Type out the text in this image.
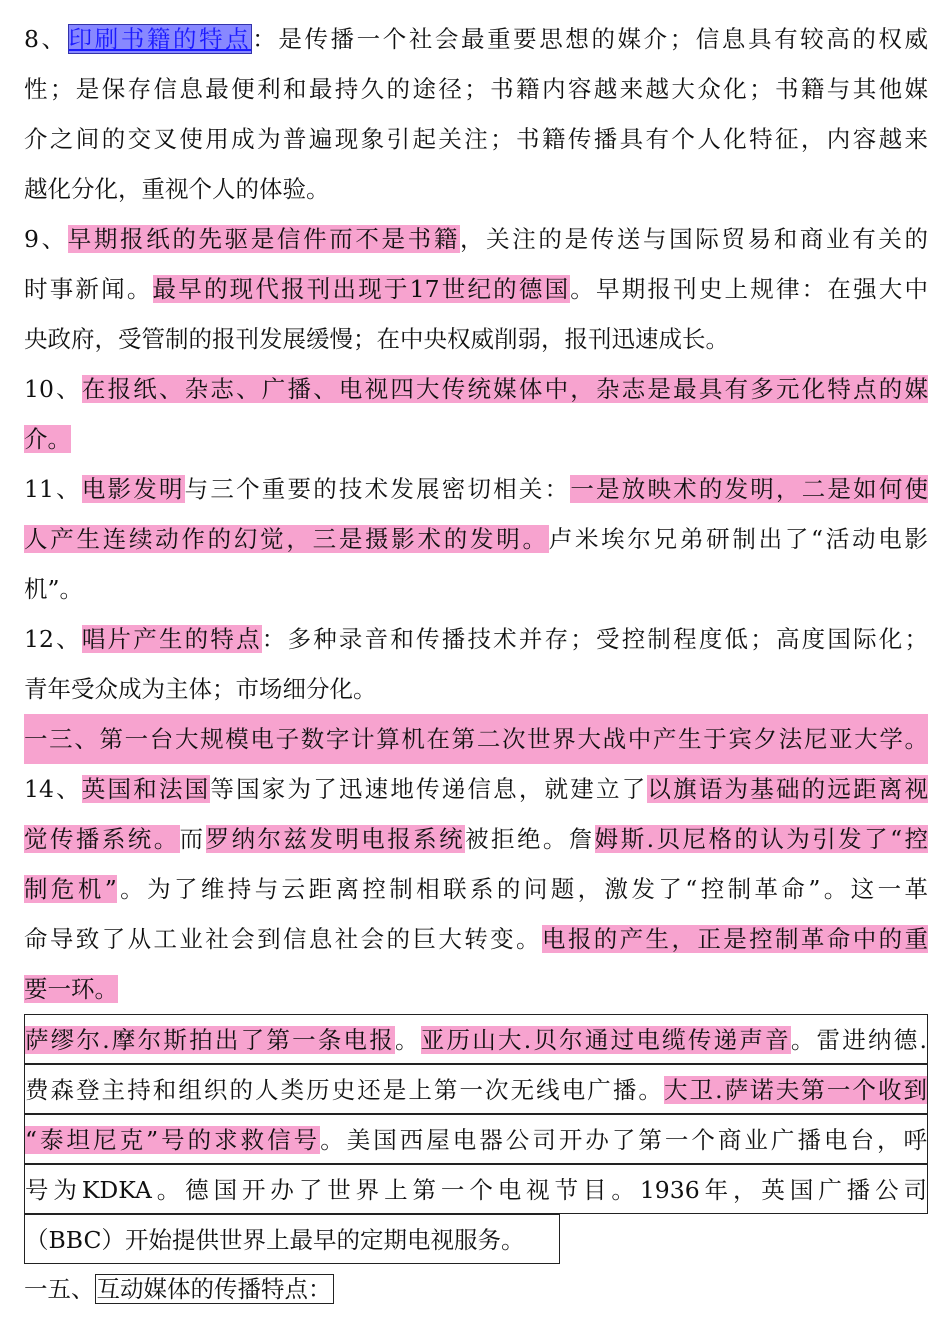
8、印刷书籍的特点：是传播一个社会最重要思想的媒介；信息具有较高的权威
性；是保存信息最便利和最持久的途径；书籍内容越来越大众化；书籍与其他媒
介之间的交叉使用成为普遍现象引起关注；书籍传播具有个人化特征，内容越来
越化分化，重视个人的体验。
9、早期报纸的先驱是信件而不是书籍，关注的是传送与国际贸易和商业有关的
时事新闻。最早的现代报刊出现于17世纪的德国。早期报刊史上规律：在强大中
央政府，受管制的报刊发展缓慢；在中央权威削弱，报刊迅速成长。
10、在报纸、杂志、广播、电视四大传统媒体中，杂志是最具有多元化特点的媒
介。
11、电影发明与三个重要的技术发展密切相关：一是放映术的发明，二是如何使
人产生连续动作的幻觉，三是摄影术的发明。卢米埃尔兄弟研制出了“活动电影
机”。
12、唱片产生的特点：多种录音和传播技术并存；受控制程度低；高度国际化；
青年受众成为主体；市场细分化。
一三、第一台大规模电子数字计算机在第二次世界大战中产生于宾夕法尼亚大学。
14、英国和法国等国家为了迅速地传递信息，就建立了以旗语为基础的远距离视
觉传播系统。而罗纳尔兹发明电报系统被拒绝。詹姆斯.贝尼格的认为引发了“控
制危机”。为了维持与云距离控制相联系的问题，激发了“控制革命”。这一革
命导致了从工业社会到信息社会的巨大转变。电报的产生，正是控制革命中的重
要一环。
萨缪尔.摩尔斯拍出了第一条电报。亚历山大.贝尔通过电缆传递声音。雷进纳德.
费森登主持和组织的人类历史还是上第一次无线电广播。大卫.萨诺夫第一个收到
“泰坦尼克”号的求救信号。美国西屋电器公司开办了第一个商业广播电台，呼
号为KDKA。德国开办了世界上第一个电视节目。1936年，英国广播公司
（BBC）开始提供世界上最早的定期电视服务。
一五、互动媒体的传播特点：
